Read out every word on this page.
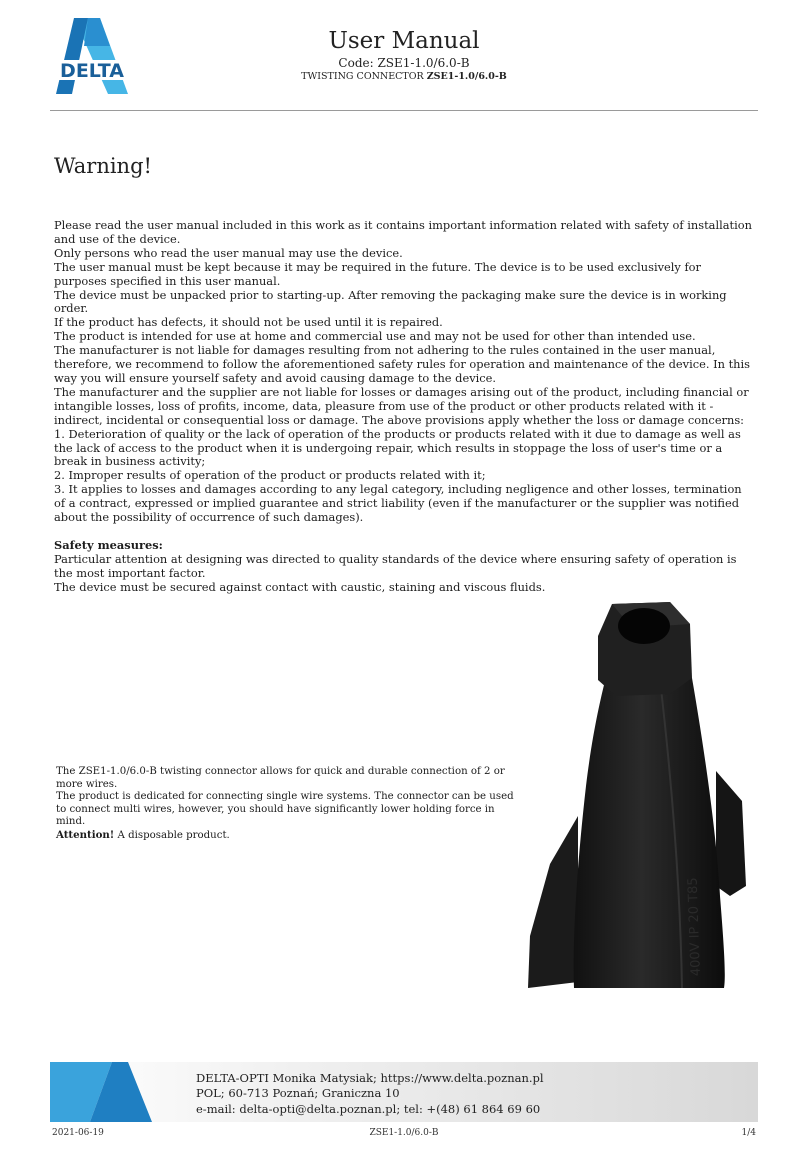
DELTA
User Manual
Code: ZSE1-1.0/6.0-B
TWISTING CONNECTOR ZSE1-1.0/6.0-B
Warning!

Please read the user manual included in this work as it contains important information related with safety of installation and use of the device.

Only persons who read the user manual may use the device.

The user manual must be kept because it may be required in the future. The device is to be used exclusively for purposes specified in this user manual.

The device must be unpacked prior to starting-up. After removing the packaging make sure the device is in working order.

If the product has defects, it should not be used until it is repaired.

The product is intended for use at home and commercial use and may not be used for other than intended use.

The manufacturer is not liable for damages resulting from not adhering to the rules contained in the user manual, therefore, we recommend to follow the aforementioned safety rules for operation and maintenance of the device. In this way you will ensure yourself safety and avoid causing damage to the device.

The manufacturer and the supplier are not liable for losses or damages arising out of the product, including financial or intangible losses, loss of profits, income, data, pleasure from use of the product or other products related with it - indirect, incidental or consequential loss or damage. The above provisions apply whether the loss or damage concerns:

1. Deterioration of quality or the lack of operation of the products or products related with it due to damage as well as the lack of access to the product when it is undergoing repair, which results in stoppage the loss of user's time or a break in business activity;

2. Improper results of operation of the product or products related with it;

3. It applies to losses and damages according to any legal category, including negligence and other losses, termination of a contract, expressed or implied guarantee and strict liability (even if the manufacturer or the supplier was notified about the possibility of occurrence of such damages).

Safety measures:

Particular attention at designing was directed to quality standards of the device where ensuring safety of operation is the most important factor.

The device must be secured against contact with caustic, staining and viscous fluids.

The ZSE1-1.0/6.0-B twisting connector allows for quick and durable connection of 2 or more wires.

The product is dedicated for connecting single wire systems. The connector can be used to connect multi wires, however, you should have significantly lower holding force in mind.

Attention! A disposable product.

400V IP 20 T85
DELTA-OPTI Monika Matysiak; https://www.delta.poznan.pl
POL; 60-713 Poznań; Graniczna 10
e-mail: delta-opti@delta.poznan.pl; tel: +(48) 61 864 69 60
2021-06-19	ZSE1-1.0/6.0-B	1/4
